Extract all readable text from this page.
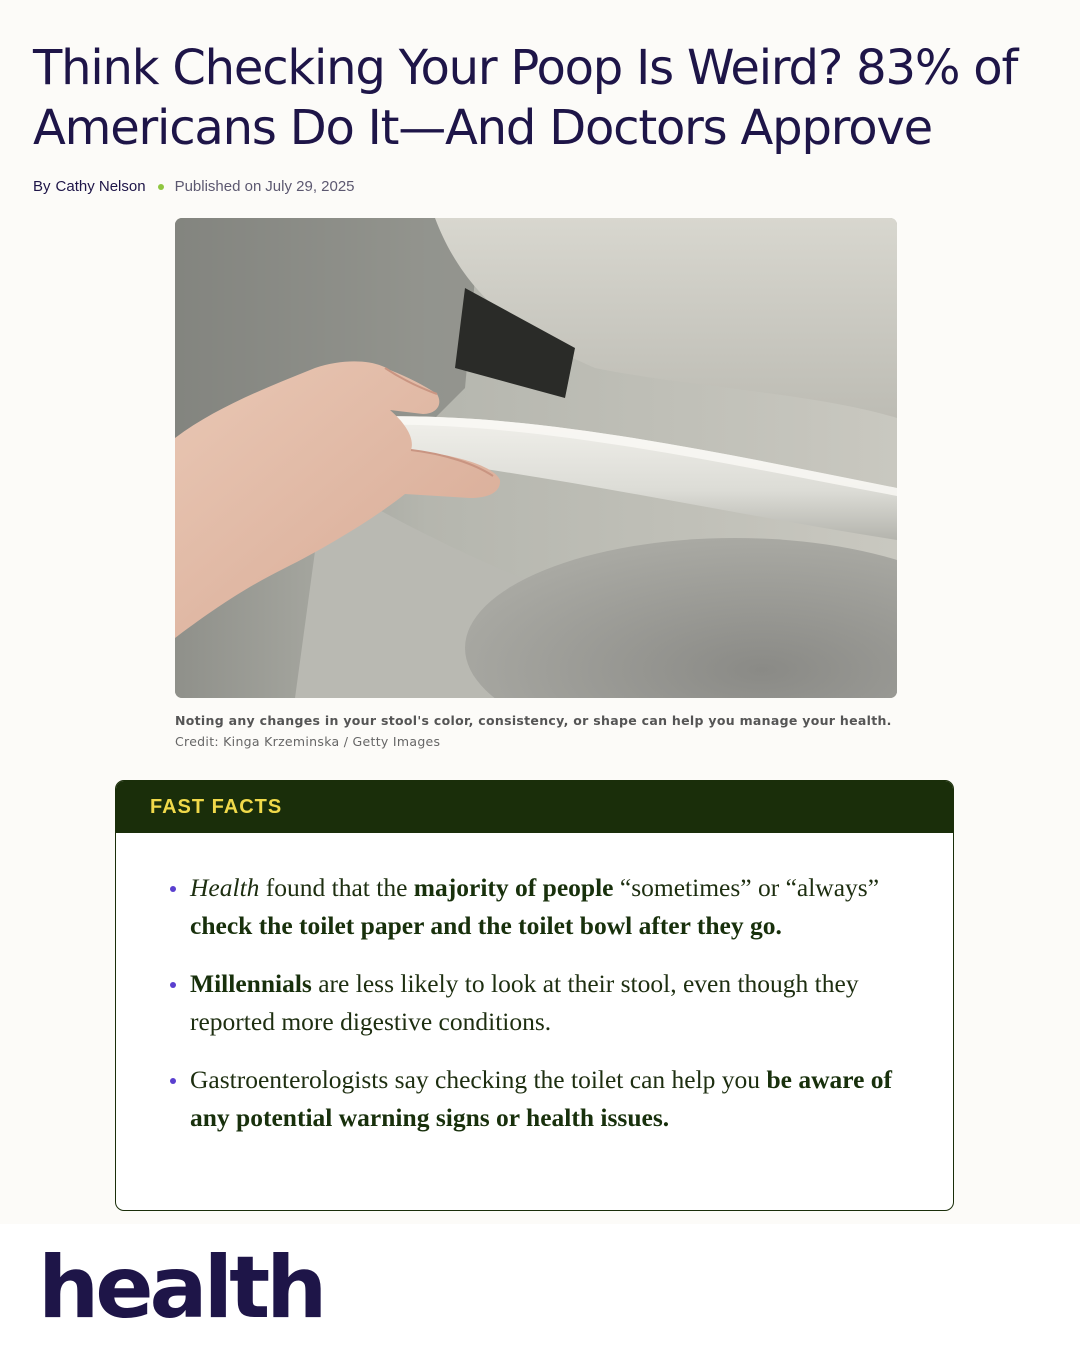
Think Checking Your Poop Is Weird? 83% of Americans Do It—And Doctors Approve
By Cathy Nelson Published on July 29, 2025
Noting any changes in your stool's color, consistency, or shape can help you manage your health.
Credit: Kinga Krzeminska / Getty Images
FAST FACTS
Health found that the majority of people “sometimes” or “always” check the toilet paper and the toilet bowl after they go.
Millennials are less likely to look at their stool, even though they reported more digestive conditions.
Gastroenterologists say checking the toilet can help you be aware of any potential warning signs or health issues.
health
